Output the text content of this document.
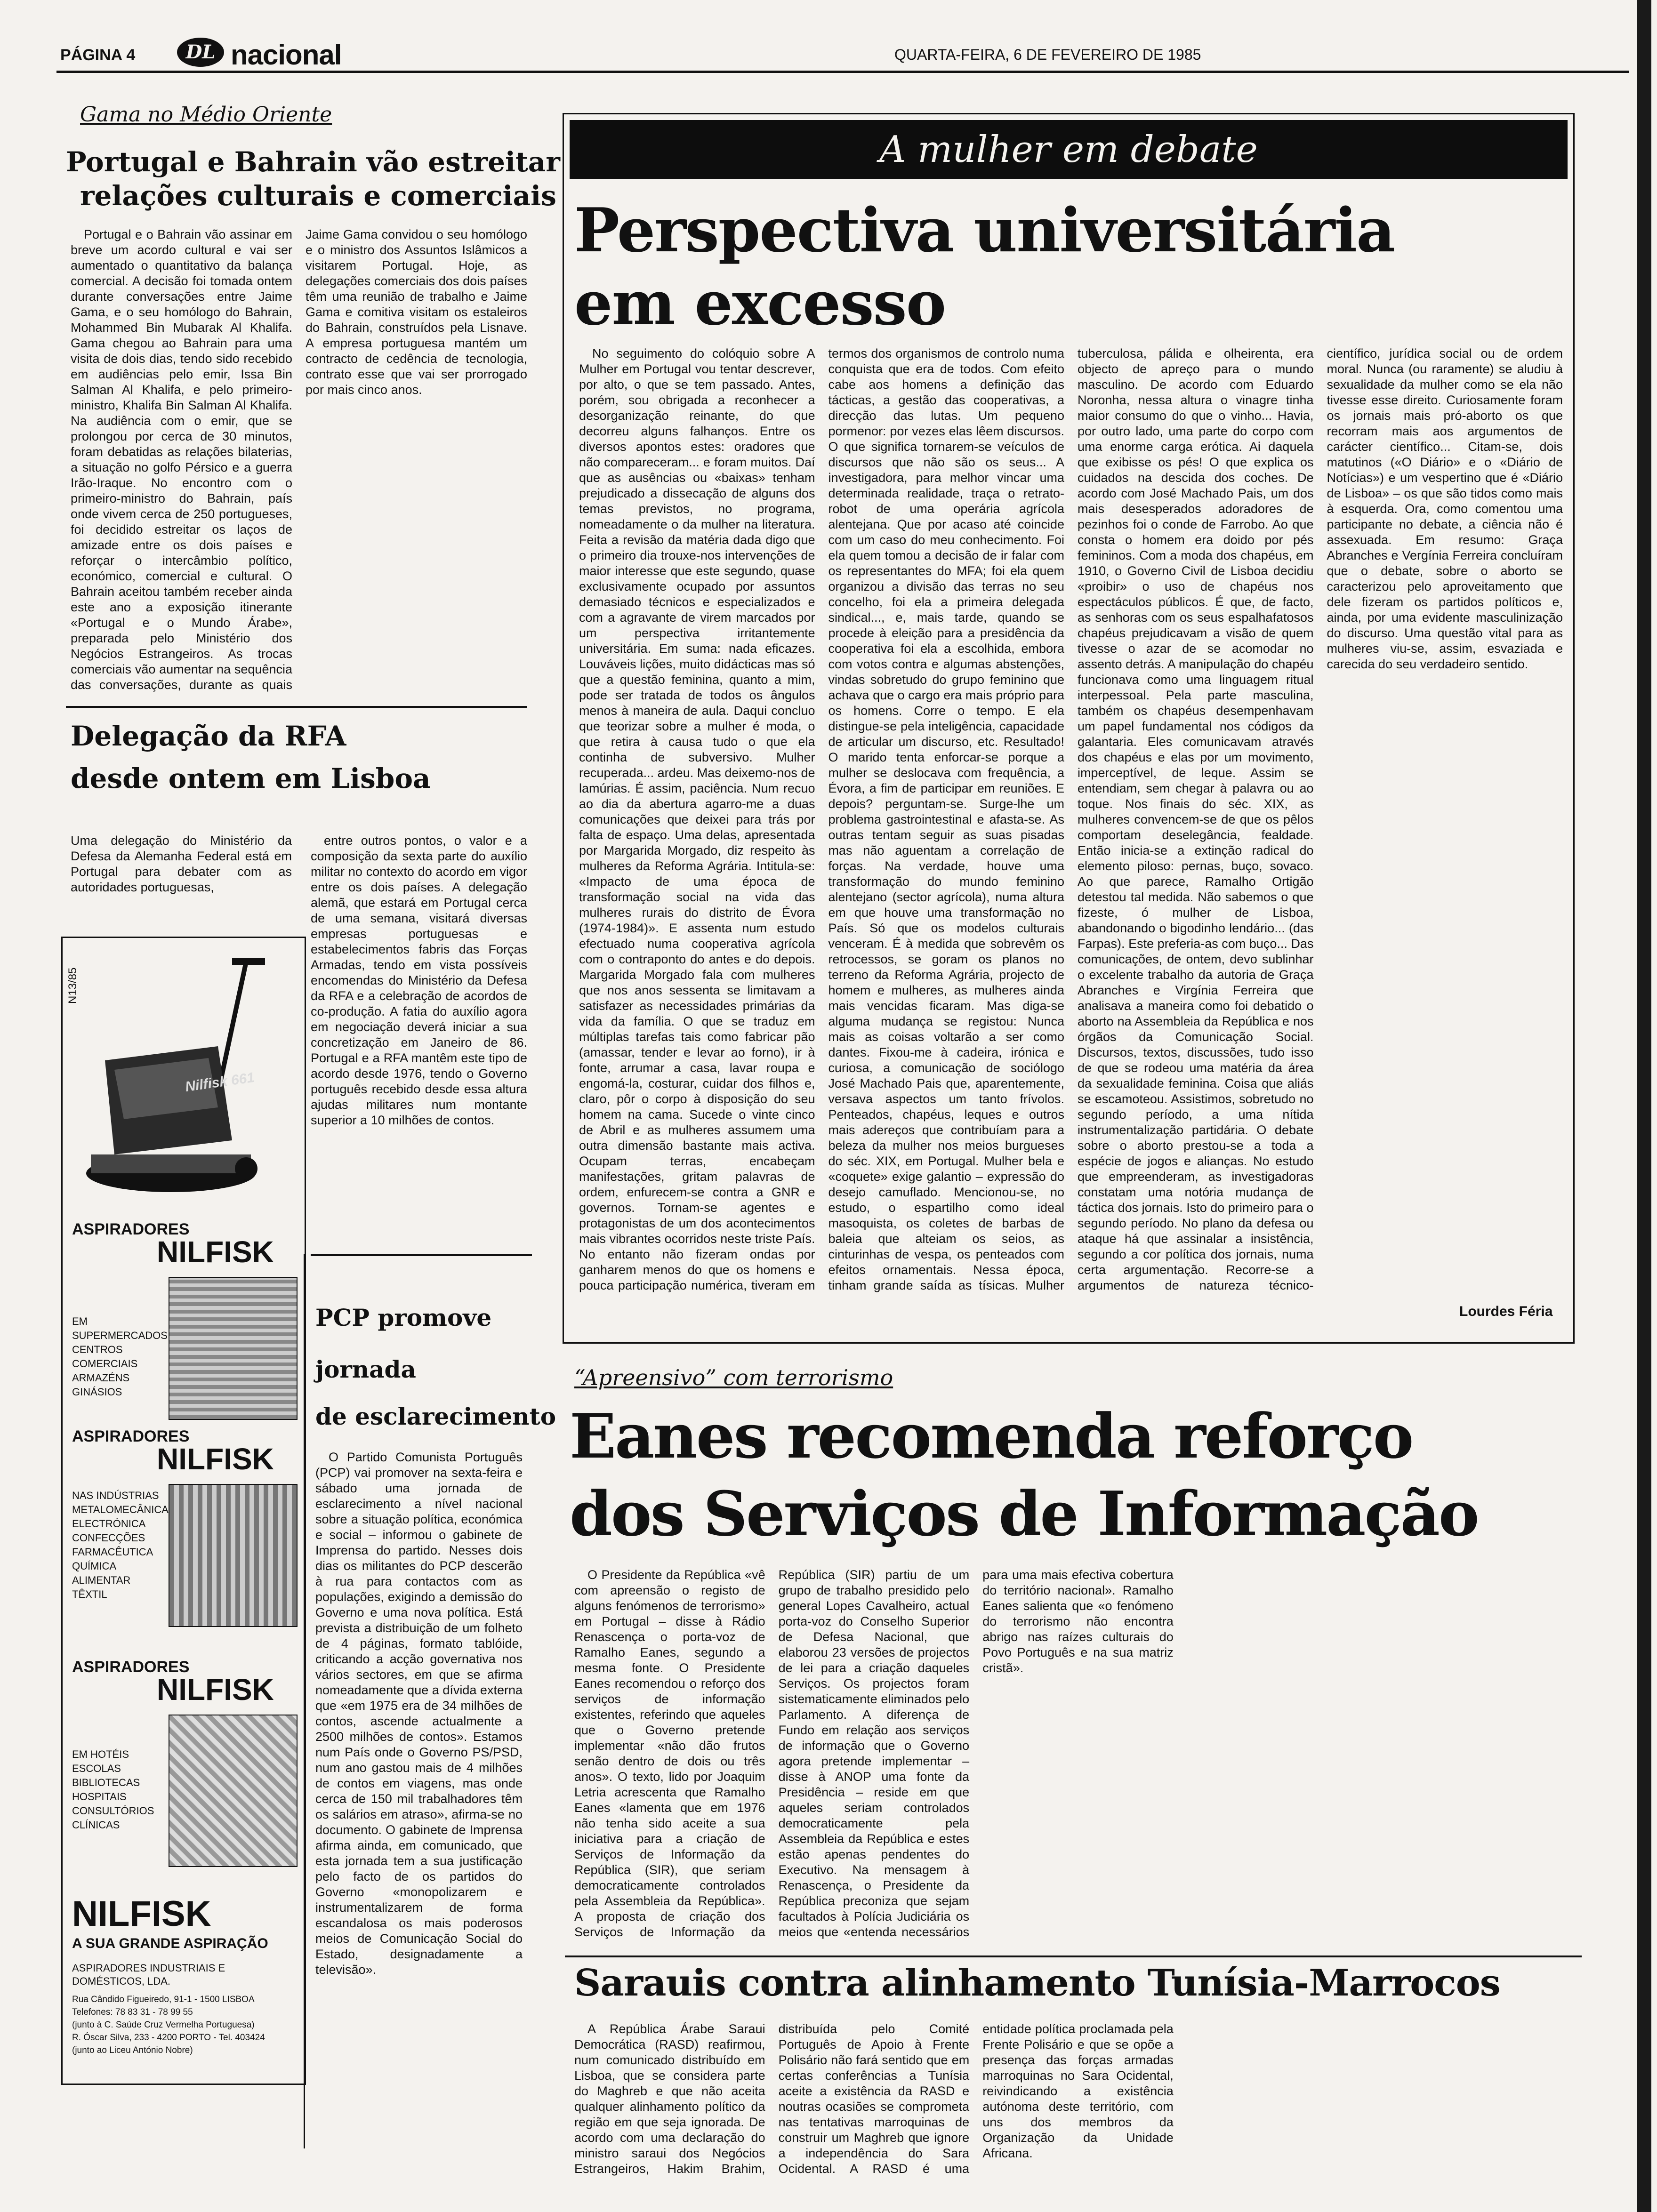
PÁGINA 4	DL nacional	QUARTA-FEIRA, 6 DE FEVEREIRO DE 1985
Gama no Médio Oriente
Portugal e Bahrain vão estreitar
relações culturais e comerciais
Portugal e o Bahrain vão assinar em breve um acordo cultural e vai ser aumentado o quantitativo da balança comercial. A decisão foi tomada ontem durante conversações entre Jaime Gama, e o seu homólogo do Bahrain, Mohammed Bin Mubarak Al Khalifa. Gama chegou ao Bahrain para uma visita de dois dias, tendo sido recebido em audiências pelo emir, Issa Bin Salman Al Khalifa, e pelo primeiro-ministro, Khalifa Bin Salman Al Khalifa. Na audiência com o emir, que se prolongou por cerca de 30 minutos, foram debatidas as relações bilaterias, a situação no golfo Pérsico e a guerra Irão-Iraque. No encontro com o primeiro-ministro do Bahrain, país onde vivem cerca de 250 portugueses, foi decidido estreitar os laços de amizade entre os dois países e reforçar o intercâmbio político, económico, comercial e cultural. O Bahrain aceitou também receber ainda este ano a exposição itinerante «Portugal e o Mundo Árabe», preparada pelo Ministério dos Negócios Estrangeiros. As trocas comerciais vão aumentar na sequência das conversações, durante as quais Jaime Gama convidou o seu homólogo e o ministro dos Assuntos Islâmicos a visitarem Portugal. Hoje, as delegações comerciais dos dois países têm uma reunião de trabalho e Jaime Gama e comitiva visitam os estaleiros do Bahrain, construídos pela Lisnave. A empresa portuguesa mantém um contracto de cedência de tecnologia, contrato esse que vai ser prorrogado por mais cinco anos.
Delegação da RFA
desde ontem em Lisboa
entre outros pontos, o valor e a composição da sexta parte do auxílio militar no contexto do acordo em vigor entre os dois países. A delegação alemã, que estará em Portugal cerca de uma semana, visitará diversas empresas portuguesas e estabelecimentos fabris das Forças Armadas, tendo em vista possíveis encomendas do Ministério da Defesa da RFA e a celebração de acordos de co-produção. A fatia do auxílio agora em negociação deverá iniciar a sua concretização em Janeiro de 86. Portugal e a RFA mantêm este tipo de acordo desde 1976, tendo o Governo português recebido desde essa altura ajudas militares num montante superior a 10 milhões de contos.
Uma delegação do Ministério da Defesa da Alemanha Federal está em Portugal para debater com as autoridades portuguesas,
N13/85
Nilfisk 661
ASPIRADORES
NILFISK
EM SUPERMERCADOS CENTROS COMERCIAIS ARMAZÉNS GINÁSIOS
ASPIRADORES
NILFISK
NAS INDÚSTRIAS METALOMECÂNICA ELECTRÓNICA CONFECÇÕES FARMACÊUTICA QUÍMICA ALIMENTAR TÊXTIL
ASPIRADORES
NILFISK
EM HOTÉIS ESCOLAS BIBLIOTECAS HOSPITAIS CONSULTÓRIOS CLÍNICAS
NILFISK
A SUA GRANDE ASPIRAÇÃO
ASPIRADORES INDUSTRIAIS E DOMÉSTICOS, LDA.
Rua Cândido Figueiredo, 91-1 - 1500 LISBOA
Telefones: 78 83 31 - 78 99 55
(junto à C. Saúde Cruz Vermelha Portuguesa)
R. Óscar Silva, 233 - 4200 PORTO - Tel. 403424
(junto ao Liceu António Nobre)
PCP promove
jornada
de esclarecimento
O Partido Comunista Português (PCP) vai promover na sexta-feira e sábado uma jornada de esclarecimento a nível nacional sobre a situação política, económica e social – informou o gabinete de Imprensa do partido. Nesses dois dias os militantes do PCP descerão à rua para contactos com as populações, exigindo a demissão do Governo e uma nova política. Está prevista a distribuição de um folheto de 4 páginas, formato tablóide, criticando a acção governativa nos vários sectores, em que se afirma nomeadamente que a dívida externa que «em 1975 era de 34 milhões de contos, ascende actualmente a 2500 milhões de contos». Estamos num País onde o Governo PS/PSD, num ano gastou mais de 4 milhões de contos em viagens, mas onde cerca de 150 mil trabalhadores têm os salários em atraso», afirma-se no documento. O gabinete de Imprensa afirma ainda, em comunicado, que esta jornada tem a sua justificação pelo facto de os partidos do Governo «monopolizarem e instrumentalizarem de forma escandalosa os mais poderosos meios de Comunicação Social do Estado, designadamente a televisão».
A mulher em debate
Perspectiva universitária
em excesso
No seguimento do colóquio sobre A Mulher em Portugal vou tentar descrever, por alto, o que se tem passado. Antes, porém, sou obrigada a reconhecer a desorganização reinante, do que decorreu alguns falhanços. Entre os diversos apontos estes: oradores que não compareceram... e foram muitos. Daí que as ausências ou «baixas» tenham prejudicado a dissecação de alguns dos temas previstos, no programa, nomeadamente o da mulher na literatura. Feita a revisão da matéria dada digo que o primeiro dia trouxe-nos intervenções de maior interesse que este segundo, quase exclusivamente ocupado por assuntos demasiado técnicos e especializados e com a agravante de virem marcados por um perspectiva irritantemente universitária. Em suma: nada eficazes. Louváveis lições, muito didácticas mas só que a questão feminina, quanto a mim, pode ser tratada de todos os ângulos menos à maneira de aula. Daqui concluo que teorizar sobre a mulher é moda, o que retira à causa tudo o que ela continha de subversivo. Mulher recuperada... ardeu. Mas deixemo-nos de lamúrias. É assim, paciência. Num recuo ao dia da abertura agarro-me a duas comunicações que deixei para trás por falta de espaço. Uma delas, apresentada por Margarida Morgado, diz respeito às mulheres da Reforma Agrária. Intitula-se: «Impacto de uma época de transformação social na vida das mulheres rurais do distrito de Évora (1974-1984)». E assenta num estudo efectuado numa cooperativa agrícola com o contraponto do antes e do depois. Margarida Morgado fala com mulheres que nos anos sessenta se limitavam a satisfazer as necessidades primárias da vida da família. O que se traduz em múltiplas tarefas tais como fabricar pão (amassar, tender e levar ao forno), ir à fonte, arrumar a casa, lavar roupa e engomá-la, costurar, cuidar dos filhos e, claro, pôr o corpo à disposição do seu homem na cama. Sucede o vinte cinco de Abril e as mulheres assumem uma outra dimensão bastante mais activa. Ocupam terras, encabeçam manifestações, gritam palavras de ordem, enfurecem-se contra a GNR e governos. Tornam-se agentes e protagonistas de um dos acontecimentos mais vibrantes ocorridos neste triste País. No entanto não fizeram ondas por ganharem menos do que os homens e pouca participação numérica, tiveram em termos dos organismos de controlo numa conquista que era de todos. Com efeito cabe aos homens a definição das tácticas, a gestão das cooperativas, a direcção das lutas. Um pequeno pormenor: por vezes elas lêem discursos. O que significa tornarem-se veículos de discursos que não são os seus... A investigadora, para melhor vincar uma determinada realidade, traça o retrato-robot de uma operária agrícola alentejana. Que por acaso até coincide com um caso do meu conhecimento. Foi ela quem tomou a decisão de ir falar com os representantes do MFA; foi ela quem organizou a divisão das terras no seu concelho, foi ela a primeira delegada sindical..., e, mais tarde, quando se procede à eleição para a presidência da cooperativa foi ela a escolhida, embora com votos contra e algumas abstenções, vindas sobretudo do grupo feminino que achava que o cargo era mais próprio para os homens. Corre o tempo. E ela distingue-se pela inteligência, capacidade de articular um discurso, etc. Resultado! O marido tenta enforcar-se porque a mulher se deslocava com frequência, a Évora, a fim de participar em reuniões. E depois? perguntam-se. Surge-lhe um problema gastrointestinal e afasta-se. As outras tentam seguir as suas pisadas mas não aguentam a correlação de forças. Na verdade, houve uma transformação do mundo feminino alentejano (sector agrícola), numa altura em que houve uma transformação no País. Só que os modelos culturais venceram. É à medida que sobrevêm os retrocessos, se goram os planos no terreno da Reforma Agrária, projecto de homem e mulheres, as mulheres ainda mais vencidas ficaram. Mas diga-se alguma mudança se registou: Nunca mais as coisas voltarão a ser como dantes. Fixou-me à cadeira, irónica e curiosa, a comunicação de sociólogo José Machado Pais que, aparentemente, versava aspectos um tanto frívolos. Penteados, chapéus, leques e outros mais adereços que contribuíam para a beleza da mulher nos meios burgueses do séc. XIX, em Portugal. Mulher bela e «coquete» exige galantio – expressão do desejo camuflado. Mencionou-se, no estudo, o espartilho como ideal masoquista, os coletes de barbas de baleia que alteiam os seios, as cinturinhas de vespa, os penteados com efeitos ornamentais. Nessa época, tinham grande saída as tísicas. Mulher tuberculosa, pálida e olheirenta, era objecto de apreço para o mundo masculino. De acordo com Eduardo Noronha, nessa altura o vinagre tinha maior consumo do que o vinho... Havia, por outro lado, uma parte do corpo com uma enorme carga erótica. Ai daquela que exibisse os pés! O que explica os cuidados na descida dos coches. De acordo com José Machado Pais, um dos mais desesperados adoradores de pezinhos foi o conde de Farrobo. Ao que consta o homem era doido por pés femininos. Com a moda dos chapéus, em 1910, o Governo Civil de Lisboa decidiu «proibir» o uso de chapéus nos espectáculos públicos. É que, de facto, as senhoras com os seus espalhafatosos chapéus prejudicavam a visão de quem tivesse o azar de se acomodar no assento detrás. A manipulação do chapéu funcionava como uma linguagem ritual interpessoal. Pela parte masculina, também os chapéus desempenhavam um papel fundamental nos códigos da galantaria. Eles comunicavam através dos chapéus e elas por um movimento, imperceptível, de leque. Assim se entendiam, sem chegar à palavra ou ao toque. Nos finais do séc. XIX, as mulheres convencem-se de que os pêlos comportam deselegância, fealdade. Então inicia-se a extinção radical do elemento piloso: pernas, buço, sovaco. Ao que parece, Ramalho Ortigão detestou tal medida. Não sabemos o que fizeste, ó mulher de Lisboa, abandonando o bigodinho lendário... (das Farpas). Este preferia-as com buço... Das comunicações, de ontem, devo sublinhar o excelente trabalho da autoria de Graça Abranches e Virgínia Ferreira que analisava a maneira como foi debatido o aborto na Assembleia da República e nos órgãos da Comunicação Social. Discursos, textos, discussões, tudo isso de que se rodeou uma matéria da área da sexualidade feminina. Coisa que aliás se escamoteou. Assistimos, sobretudo no segundo período, a uma nítida instrumentalização partidária. O debate sobre o aborto prestou-se a toda a espécie de jogos e alianças. No estudo que empreenderam, as investigadoras constatam uma notória mudança de táctica dos jornais. Isto do primeiro para o segundo período. No plano da defesa ou ataque há que assinalar a insistência, segundo a cor política dos jornais, numa certa argumentação. Recorre-se a argumentos de natureza técnico-científico, jurídica social ou de ordem moral. Nunca (ou raramente) se aludiu à sexualidade da mulher como se ela não tivesse esse direito. Curiosamente foram os jornais mais pró-aborto os que recorram mais aos argumentos de carácter científico... Citam-se, dois matutinos («O Diário» e o «Diário de Notícias») e um vespertino que é «Diário de Lisboa» – os que são tidos como mais à esquerda. Ora, como comentou uma participante no debate, a ciência não é assexuada. Em resumo: Graça Abranches e Vergínia Ferreira concluíram que o debate, sobre o aborto se caracterizou pelo aproveitamento que dele fizeram os partidos políticos e, ainda, por uma evidente masculinização do discurso. Uma questão vital para as mulheres viu-se, assim, esvaziada e carecida do seu verdadeiro sentido.
Lourdes Féria
“Apreensivo” com terrorismo
Eanes recomenda reforço
dos Serviços de Informação
O Presidente da República «vê com apreensão o registo de alguns fenómenos de terrorismo» em Portugal – disse à Rádio Renascença o porta-voz de Ramalho Eanes, segundo a mesma fonte. O Presidente Eanes recomendou o reforço dos serviços de informação existentes, referindo que aqueles que o Governo pretende implementar «não dão frutos senão dentro de dois ou três anos». O texto, lido por Joaquim Letria acrescenta que Ramalho Eanes «lamenta que em 1976 não tenha sido aceite a sua iniciativa para a criação de Serviços de Informação da República (SIR), que seriam democraticamente controlados pela Assembleia da República». A proposta de criação dos Serviços de Informação da República (SIR) partiu de um grupo de trabalho presidido pelo general Lopes Cavalheiro, actual porta-voz do Conselho Superior de Defesa Nacional, que elaborou 23 versões de projectos de lei para a criação daqueles Serviços. Os projectos foram sistematicamente eliminados pelo Parlamento. A diferença de Fundo em relação aos serviços de informação que o Governo agora pretende implementar – disse à ANOP uma fonte da Presidência – reside em que aqueles seriam controlados democraticamente pela Assembleia da República e estes estão apenas pendentes do Executivo. Na mensagem à Renascença, o Presidente da República preconiza que sejam facultados à Polícia Judiciária os meios que «entenda necessários para uma mais efectiva cobertura do território nacional». Ramalho Eanes salienta que «o fenómeno do terrorismo não encontra abrigo nas raízes culturais do Povo Português e na sua matriz cristã».
Sarauis contra alinhamento Tunísia-Marrocos
A República Árabe Saraui Democrática (RASD) reafirmou, num comunicado distribuído em Lisboa, que se considera parte do Maghreb e que não aceita qualquer alinhamento político da região em que seja ignorada. De acordo com uma declaração do ministro saraui dos Negócios Estrangeiros, Hakim Brahim, distribuída pelo Comité Português de Apoio à Frente Polisário não fará sentido que em certas conferências a Tunísia aceite a existência da RASD e noutras ocasiões se comprometa nas tentativas marroquinas de construir um Maghreb que ignore a independência do Sara Ocidental. A RASD é uma entidade política proclamada pela Frente Polisário e que se opõe a presença das forças armadas marroquinas no Sara Ocidental, reivindicando a existência autónoma deste território, com uns dos membros da Organização da Unidade Africana.
